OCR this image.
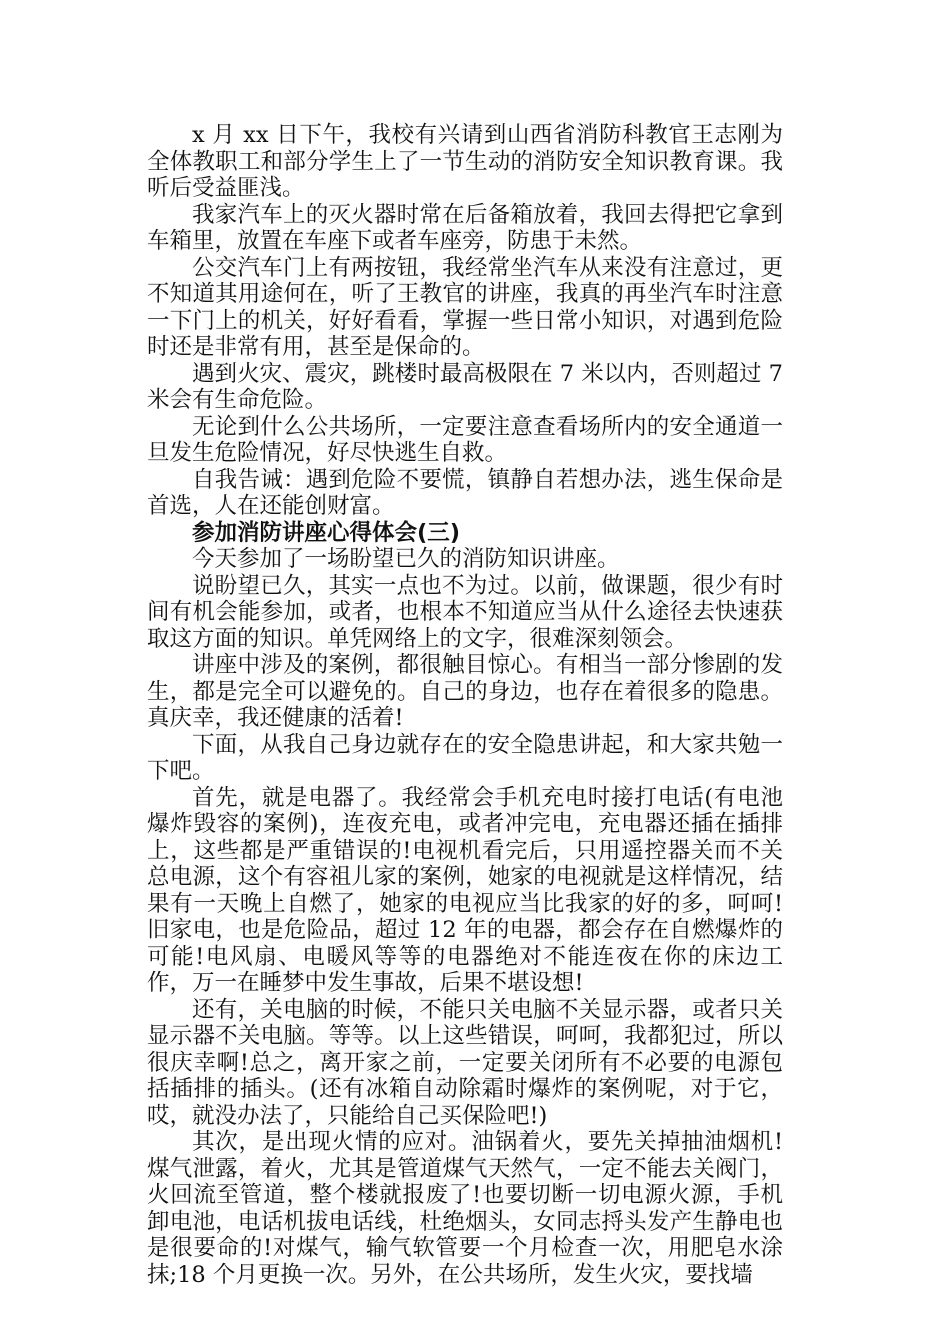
x 月 xx 日下午，我校有兴请到山西省消防科教官王志刚为全体教职工和部分学生上了一节生动的消防安全知识教育课。我听后受益匪浅。

我家汽车上的灭火器时常在后备箱放着，我回去得把它拿到车箱里，放置在车座下或者车座旁，防患于未然。

公交汽车门上有两按钮，我经常坐汽车从来没有注意过，更不知道其用途何在，听了王教官的讲座，我真的再坐汽车时注意一下门上的机关，好好看看，掌握一些日常小知识，对遇到危险时还是非常有用，甚至是保命的。

遇到火灾、震灾，跳楼时最高极限在 7 米以内，否则超过 7 米会有生命危险。

无论到什么公共场所，一定要注意查看场所内的安全通道一旦发生危险情况，好尽快逃生自救。

自我告诫：遇到危险不要慌，镇静自若想办法，逃生保命是首选，人在还能创财富。

参加消防讲座心得体会(三)

今天参加了一场盼望已久的消防知识讲座。

说盼望已久，其实一点也不为过。以前，做课题，很少有时间有机会能参加，或者，也根本不知道应当从什么途径去快速获取这方面的知识。单凭网络上的文字，很难深刻领会。

讲座中涉及的案例，都很触目惊心。有相当一部分惨剧的发生，都是完全可以避免的。自己的身边，也存在着很多的隐患。真庆幸，我还健康的活着!

下面，从我自己身边就存在的安全隐患讲起，和大家共勉一下吧。

首先，就是电器了。我经常会手机充电时接打电话(有电池爆炸毁容的案例)，连夜充电，或者冲完电，充电器还插在插排上，这些都是严重错误的!电视机看完后，只用遥控器关而不关总电源，这个有容祖儿家的案例，她家的电视就是这样情况，结果有一天晚上自燃了，她家的电视应当比我家的好的多，呵呵!旧家电，也是危险品，超过 12 年的电器，都会存在自燃爆炸的可能!电风扇、电暖风等等的电器绝对不能连夜在你的床边工作，万一在睡梦中发生事故，后果不堪设想!

还有，关电脑的时候，不能只关电脑不关显示器，或者只关显示器不关电脑。等等。以上这些错误，呵呵，我都犯过，所以很庆幸啊!总之，离开家之前，一定要关闭所有不必要的电源包括插排的插头。(还有冰箱自动除霜时爆炸的案例呢，对于它，哎，就没办法了，只能给自己买保险吧!)

其次，是出现火情的应对。油锅着火，要先关掉抽油烟机!煤气泄露，着火，尤其是管道煤气天然气，一定不能去关阀门，火回流至管道，整个楼就报废了!也要切断一切电源火源，手机卸电池，电话机拔电话线，杜绝烟头，女同志捋头发产生静电也是很要命的!对煤气，输气软管要一个月检查一次，用肥皂水涂抹;18 个月更换一次。另外，在公共场所，发生火灾，要找墙
